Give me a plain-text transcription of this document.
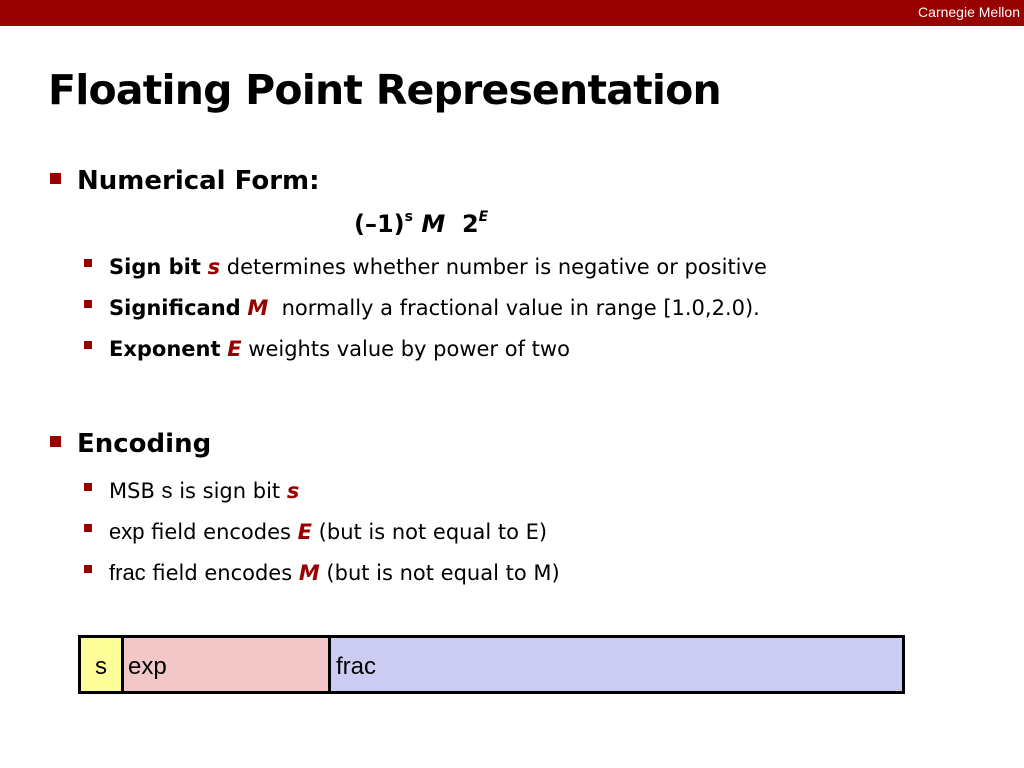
Carnegie Mellon
Floating Point Representation
Numerical Form:
$(-1)^s$ M $2^E$
Sign bit s determines whether number is negative or positive
Significand M  normally a fractional value in range [1.0,2.0).
Exponent E weights value by power of two
Encoding
MSB s is sign bit s
exp field encodes E (but is not equal to E)
frac field encodes M (but is not equal to M)
s exp	frac
